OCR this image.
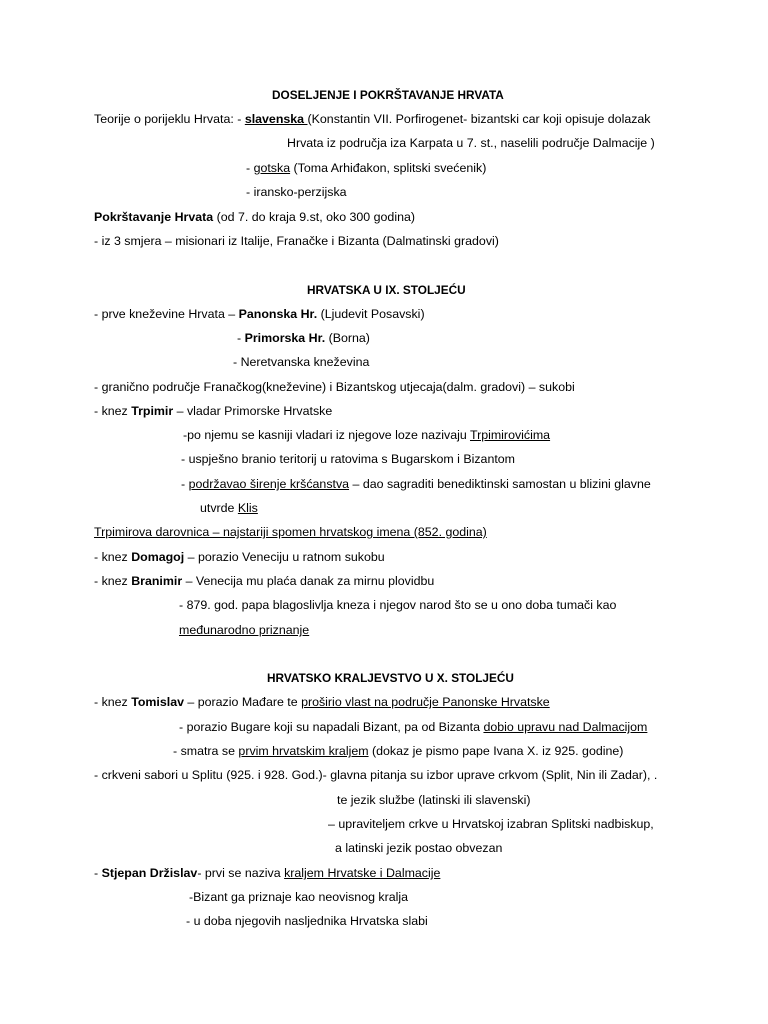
DOSELJENJE I POKRŠTAVANJE HRVATA
Teorije o porijeklu Hrvata: - slavenska (Konstantin VII. Porfirogenet- bizantski car koji opisuje dolazak
Hrvata iz područja iza Karpata u 7. st., naselili područje Dalmacije )
- gotska (Toma Arhiđakon, splitski svećenik)
- iransko-perzijska
Pokrštavanje Hrvata (od 7. do kraja 9.st, oko 300 godina)
- iz 3 smjera – misionari iz Italije, Franačke i Bizanta (Dalmatinski gradovi)
HRVATSKA U IX. STOLJEĆU
- prve kneževine Hrvata – Panonska Hr. (Ljudevit Posavski)
- Primorska Hr. (Borna)
- Neretvanska kneževina
- granično područje Franačkog(kneževine) i Bizantskog utjecaja(dalm. gradovi) – sukobi
- knez Trpimir – vladar Primorske Hrvatske
-po njemu se kasniji vladari iz njegove loze nazivaju Trpimirovićima
- uspješno branio teritorij u ratovima s Bugarskom i Bizantom
- podržavao širenje kršćanstva – dao sagraditi benediktinski samostan u blizini glavne
utvrde Klis
Trpimirova darovnica – najstariji spomen hrvatskog imena (852. godina)
- knez Domagoj – porazio Veneciju u ratnom sukobu
- knez Branimir – Venecija mu plaća danak za mirnu plovidbu
- 879. god. papa blagoslivlja kneza i njegov narod što se u ono doba tumači kao
međunarodno priznanje
HRVATSKO KRALJEVSTVO U X. STOLJEĆU
- knez Tomislav – porazio Mađare te proširio vlast na područje Panonske Hrvatske
- porazio Bugare koji su napadali Bizant, pa od Bizanta dobio upravu nad Dalmacijom
- smatra se prvim hrvatskim kraljem (dokaz je pismo pape Ivana X. iz 925. godine)
- crkveni sabori u Splitu (925. i 928. God.)- glavna pitanja su izbor uprave crkvom (Split, Nin ili Zadar), .
te jezik službe (latinski ili slavenski)
– upraviteljem crkve u Hrvatskoj izabran Splitski nadbiskup,
a latinski jezik postao obvezan
- Stjepan Držislav- prvi se naziva kraljem Hrvatske i Dalmacije
-Bizant ga priznaje kao neovisnog kralja
- u doba njegovih nasljednika Hrvatska slabi
